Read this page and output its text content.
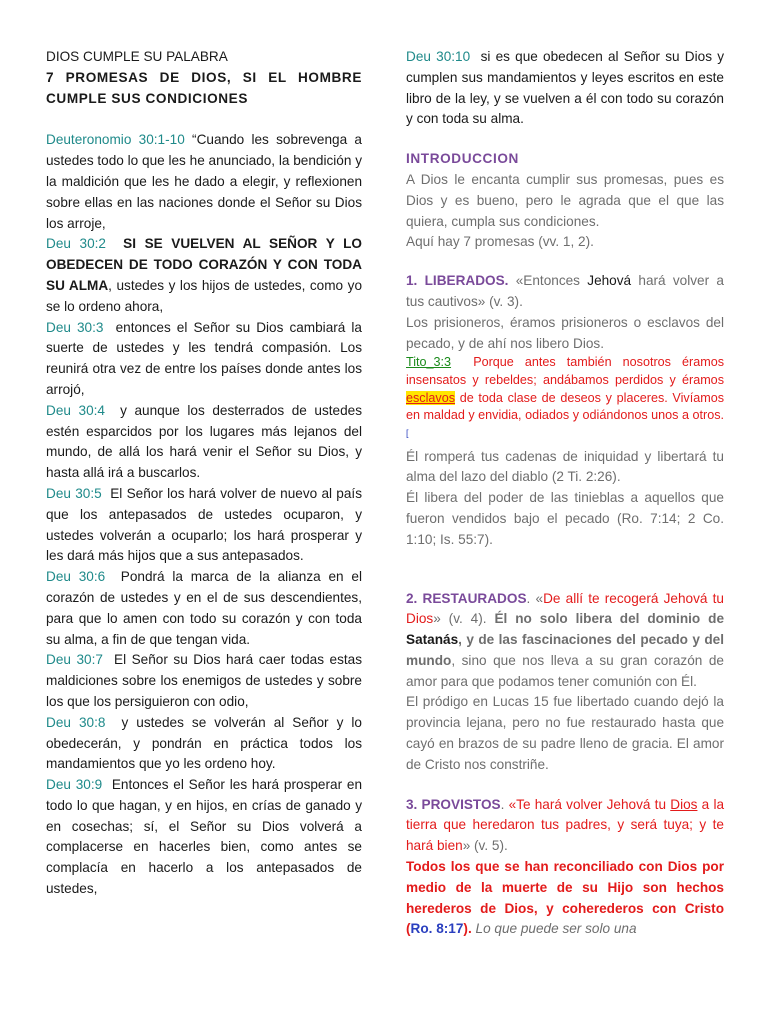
DIOS CUMPLE SU PALABRA

7 PROMESAS DE DIOS, SI EL HOMBRE CUMPLE SUS CONDICIONES

Deuteronomio 30:1-10 “Cuando les sobrevenga a ustedes todo lo que les he anunciado, la bendición y la maldición que les he dado a elegir, y reflexionen sobre ellas en las naciones donde el Señor su Dios los arroje,

Deu 30:2 SI SE VUELVEN AL SEÑOR Y LO OBEDECEN DE TODO CORAZÓN Y CON TODA SU ALMA, ustedes y los hijos de ustedes, como yo se lo ordeno ahora,

Deu 30:3 entonces el Señor su Dios cambiará la suerte de ustedes y les tendrá compasión. Los reunirá otra vez de entre los países donde antes los arrojó,

Deu 30:4 y aunque los desterrados de ustedes estén esparcidos por los lugares más lejanos del mundo, de allá los hará venir el Señor su Dios, y hasta allá irá a buscarlos.

Deu 30:5 El Señor los hará volver de nuevo al país que los antepasados de ustedes ocuparon, y ustedes volverán a ocuparlo; los hará prosperar y les dará más hijos que a sus antepasados.

Deu 30:6 Pondrá la marca de la alianza en el corazón de ustedes y en el de sus descendientes, para que lo amen con todo su corazón y con toda su alma, a fin de que tengan vida.

Deu 30:7 El Señor su Dios hará caer todas estas maldiciones sobre los enemigos de ustedes y sobre los que los persiguieron con odio,

Deu 30:8 y ustedes se volverán al Señor y lo obedecerán, y pondrán en práctica todos los mandamientos que yo les ordeno hoy.

Deu 30:9 Entonces el Señor les hará prosperar en todo lo que hagan, y en hijos, en crías de ganado y en cosechas; sí, el Señor su Dios volverá a complacerse en hacerles bien, como antes se complacía en hacerlo a los antepasados de ustedes,

Deu 30:10 si es que obedecen al Señor su Dios y cumplen sus mandamientos y leyes escritos en este libro de la ley, y se vuelven a él con todo su corazón y con toda su alma.

INTRODUCCION

A Dios le encanta cumplir sus promesas, pues es Dios y es bueno, pero le agrada que el que las quiera, cumpla sus condiciones.

Aquí hay 7 promesas (vv. 1, 2).

1. LIBERADOS. «Entonces Jehová hará volver a tus cautivos» (v. 3).

Los prisioneros, éramos prisioneros o esclavos del pecado, y de ahí nos libero Dios.

Tito_3:3 Porque antes también nosotros éramos insensatos y rebeldes; andábamos perdidos y éramos esclavos de toda clase de deseos y placeres. Vivíamos en maldad y envidia, odiados y odiándonos unos a otros.[

Él romperá tus cadenas de iniquidad y libertará tu alma del lazo del diablo (2 Ti. 2:26).

Él libera del poder de las tinieblas a aquellos que fueron vendidos bajo el pecado (Ro. 7:14; 2 Co. 1:10; Is. 55:7).

2. RESTAURADOS. «De allí te recogerá Jehová tu Dios» (v. 4). Él no solo libera del dominio de Satanás, y de las fascinaciones del pecado y del mundo, sino que nos lleva a su gran corazón de amor para que podamos tener comunión con Él.

El pródigo en Lucas 15 fue libertado cuando dejó la provincia lejana, pero no fue restaurado hasta que cayó en brazos de su padre lleno de gracia. El amor de Cristo nos constriñe.

3. PROVISTOS. «Te hará volver Jehová tu Dios a la tierra que heredaron tus padres, y será tuya; y te hará bien» (v. 5).

Todos los que se han reconciliado con Dios por medio de la muerte de su Hijo son hechos herederos de Dios, y coherederos con Cristo (Ro. 8:17). Lo que puede ser solo una
